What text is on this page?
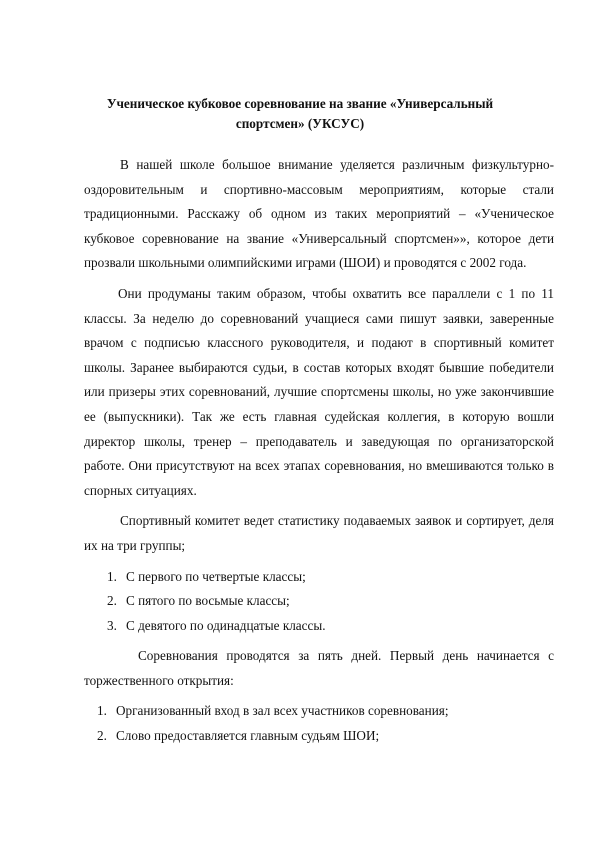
Ученическое кубковое соревнование на звание «Универсальный спортсмен» (УКСУС)

В нашей школе большое внимание уделяется различным физкультурно-оздоровительным и спортивно-массовым мероприятиям, которые стали традиционными. Расскажу об одном из таких мероприятий – «Ученическое кубковое соревнование на звание «Универсальный спортсмен»», которое дети прозвали школьными олимпийскими играми (ШОИ) и проводятся с 2002 года.

Они продуманы таким образом, чтобы охватить все параллели с 1 по 11 классы. За неделю до соревнований учащиеся сами пишут заявки, заверенные врачом с подписью классного руководителя, и подают в спортивный комитет школы. Заранее выбираются судьи, в состав которых входят бывшие победители или призеры этих соревнований, лучшие спортсмены школы, но уже закончившие ее (выпускники). Так же есть главная судейская коллегия, в которую вошли директор школы, тренер – преподаватель и заведующая по организаторской работе. Они присутствуют на всех этапах соревнования, но вмешиваются только в спорных ситуациях.

Спортивный комитет ведет статистику подаваемых заявок и сортирует, деля их на три группы;

1. С первого по четвертые классы;
2. С пятого по восьмые классы;
3. С девятого по одинадцатые классы.

Соревнования проводятся за пять дней. Первый день начинается с торжественного открытия:

1. Организованный вход в зал всех участников соревнования;
2. Слово предоставляется главным судьям ШОИ;
